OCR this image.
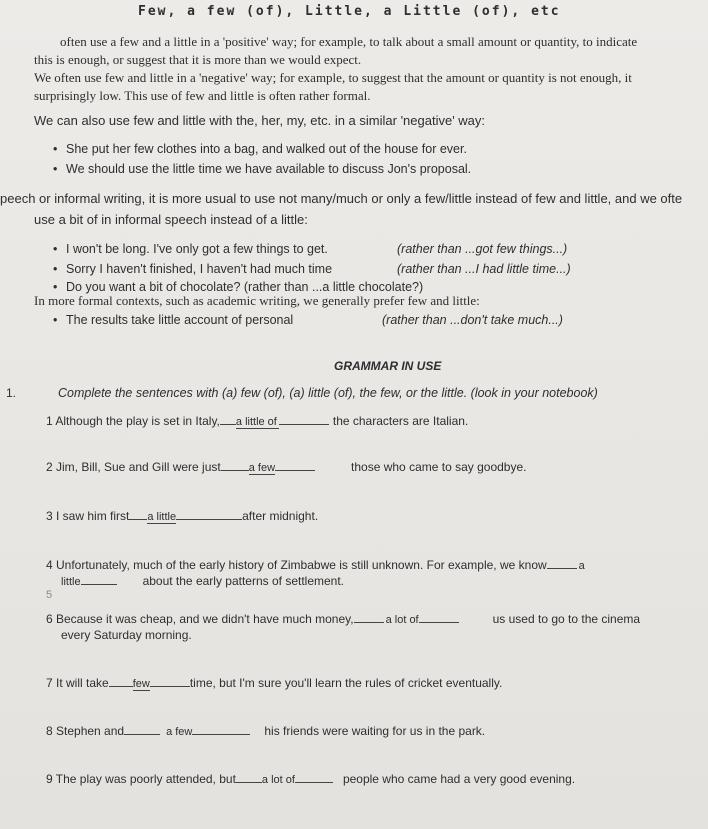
Few, a few (of), Little, a Little (of), etc
often use a few and a little in a 'positive' way; for example, to talk about a small amount or quantity, to indicate
this is enough, or suggest that it is more than we would expect.
We often use few and little in a 'negative' way; for example, to suggest that the amount or quantity is not enough, it
surprisingly low. This use of few and little is often rather formal.
We can also use few and little with the, her, my, etc. in a similar 'negative' way:
• She put her few clothes into a bag, and walked out of the house for ever.
• We should use the little time we have available to discuss Jon's proposal.
peech or informal writing, it is more usual to use not many/much or only a few/little instead of few and little, and we ofte
use a bit of in informal speech instead of a little:
• I won't be long. I've only got a few things to get.	(rather than ...got few things...)
• Sorry I haven't finished, I haven't had much time	(rather than ...I had little time...)
• Do you want a bit of chocolate? (rather than ...a little chocolate?)
In more formal contexts, such as academic writing, we generally prefer few and little:
• The results take little account of personal	(rather than ...don't take much...)
GRAMMAR IN USE
1.	Complete the sentences with (a) few (of), (a) little (of), the few, or the little. (look in your notebook)
1 Although the play is set in Italy, a little of	the characters are Italian.
2 Jim, Bill, Sue and Gill were just	a few	those who came to say goodbye.
3 I saw him first a little	after midnight.
4 Unfortunately, much of the early history of Zimbabwe is still unknown. For example, we know	a
little	about the early patterns of settlement.
5
6 Because it was cheap, and we didn't have much money,	a lot of	us used to go to the cinema
every Saturday morning.
7 It will take few	time, but I'm sure you'll learn the rules of cricket eventually.
8 Stephen and	a few	his friends were waiting for us in the park.
9 The play was poorly attended, but a lot of	people who came had a very good evening.
